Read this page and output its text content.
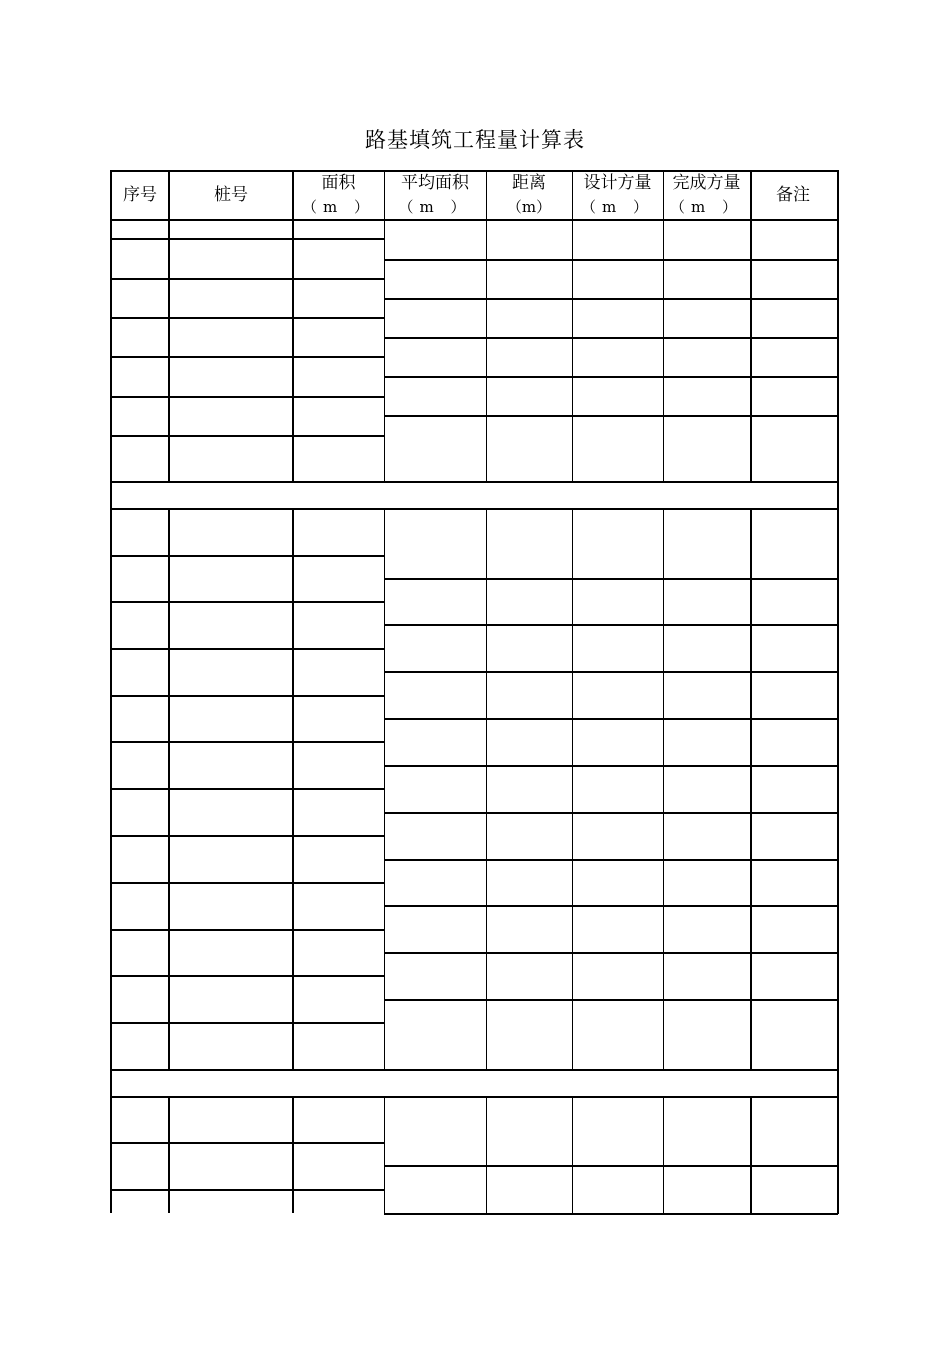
路基填筑工程量计算表
序号	桩号
面积
（m ）
平均面积
（m ）
距离
（m）
设计方量
（m ）
完成方量
（m ）
备注
